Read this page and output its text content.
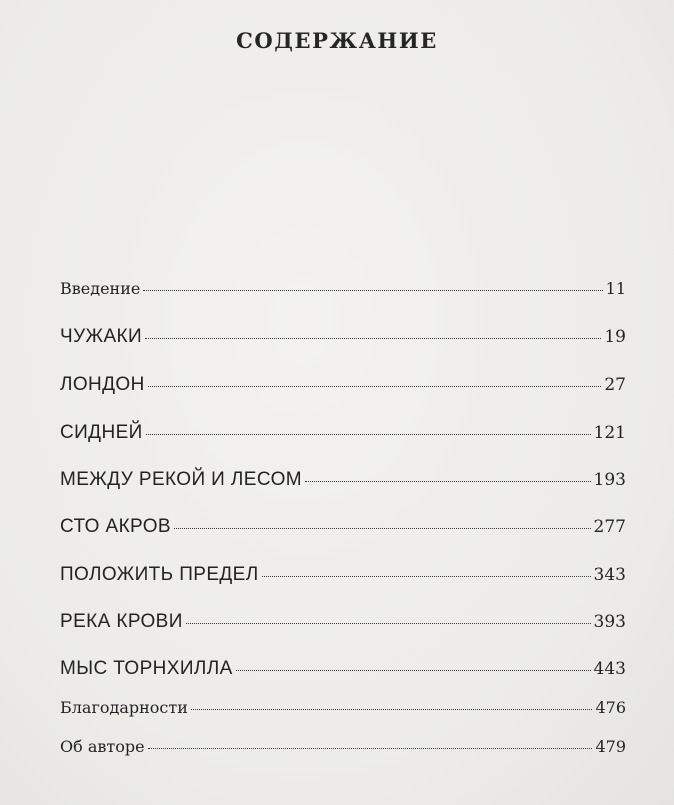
СОДЕРЖАНИЕ
Введение	11
ЧУЖАКИ	19
ЛОНДОН	27
СИДНЕЙ	121
МЕЖДУ РЕКОЙ И ЛЕСОМ	193
СТО АКРОВ	277
ПОЛОЖИТЬ ПРЕДЕЛ	343
РЕКА КРОВИ	393
МЫС ТОРНХИЛЛА	443
Благодарности	476
Об авторе	479
